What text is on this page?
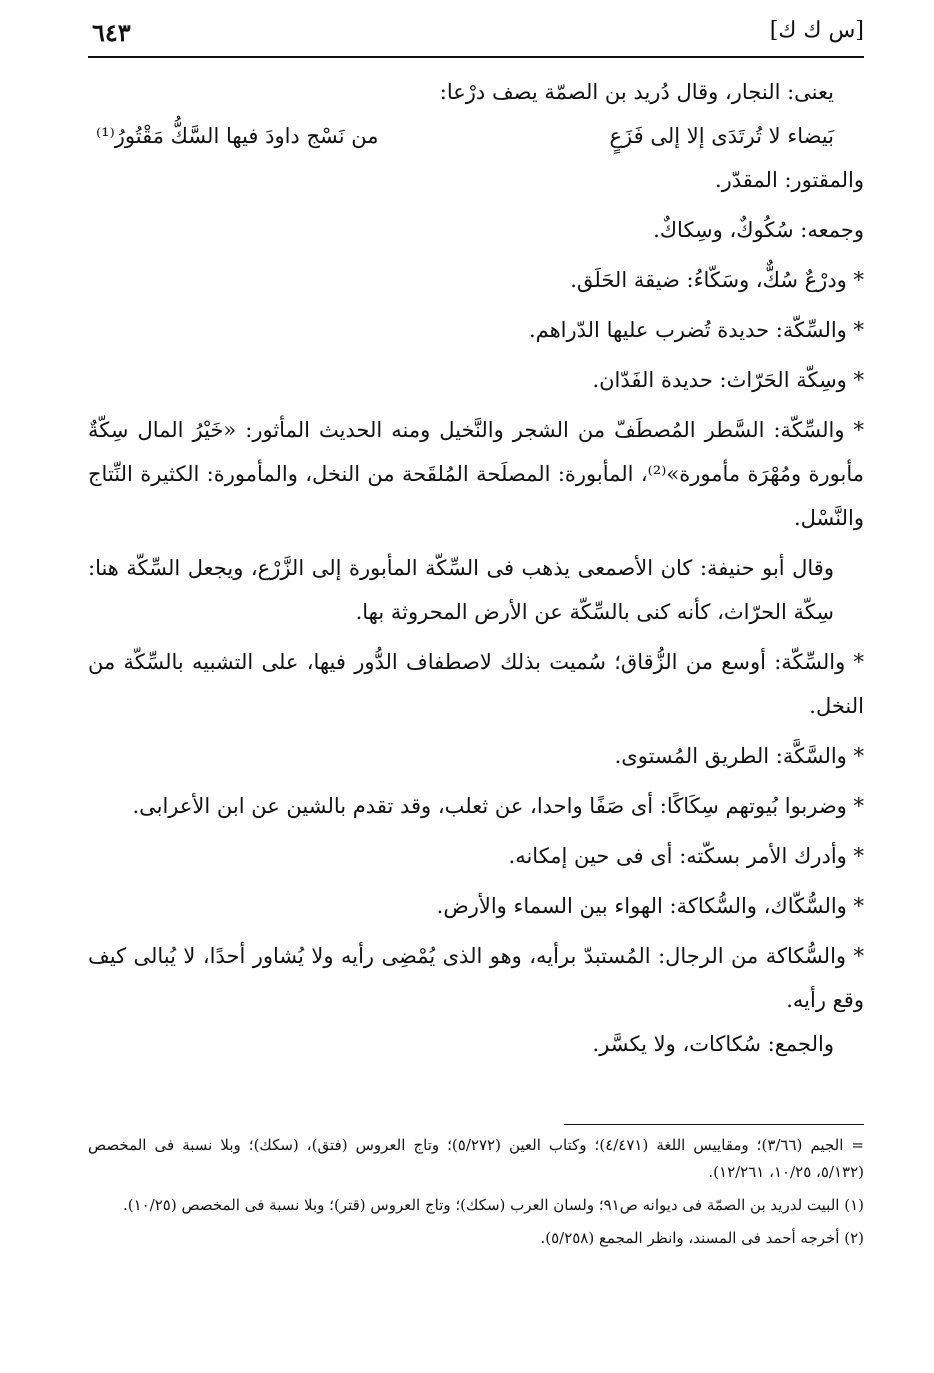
٦٤٣	[س ك ك]

يعنى: النجار، وقال دُريد بن الصمّة يصف درْعا:

بَيضاء لا تُرتَدَى إلا إلى فَزَعٍ
من نَسْج داودَ فيها السَّكُّ مَقْتُورُ⁽¹⁾

والمقتور: المقدّر.

وجمعه: سُكُوكٌ، وسِكاكٌ.

* ودرْعٌ سُكٌّ، وسَكّاءُ: ضيقة الحَلَق.

* والسِّكّة: حديدة تُضرب عليها الدّراهم.

* وسِكّة الحَرّاث: حديدة الفَدّان.

* والسِّكّة: السَّطر المُصطَفّ من الشجر والنَّخيل ومنه الحديث المأثور: «خَيْرُ المال سِكّةٌ مأبورة ومُهْرَة مأمورة»⁽²⁾، المأبورة: المصلَحة المُلقَحة من النخل، والمأمورة: الكثيرة النِّتاج والنَّسْل.

وقال أبو حنيفة: كان الأصمعى يذهب فى السِّكّة المأبورة إلى الزَّرْع، ويجعل السِّكّة هنا: سِكّة الحرّاث، كأنه كنى بالسِّكّة عن الأرض المحروثة بها.

* والسِّكّة: أوسع من الزُّقاق؛ سُميت بذلك لاصطفاف الدُّور فيها، على التشبيه بالسِّكّة من النخل.

* والسَّكَّة: الطريق المُستوى.

* وضربوا بُيوتهم سِكَاكًا: أى صَفًا واحدا، عن ثعلب، وقد تقدم بالشين عن ابن الأعرابى.

* وأدرك الأمر بسكّته: أى فى حين إمكانه.

* والسُّكّاك، والسُّكاكة: الهواء بين السماء والأرض.

* والسُّكاكة من الرجال: المُستبدّ برأيه، وهو الذى يُمْضِى رأيه ولا يُشاور أحدًا، لا يُبالى كيف وقع رأيه.

والجمع: سُكاكات، ولا يكسَّر.

= الجيم (٣/٦٦)؛ ومقاييس اللغة (٤/٤٧١)؛ وكتاب العين (٥/٢٧٢)؛ وتاج العروس (فتق)، (سكك)؛ وبلا نسبة فى المخصص (٥/١٣٢، ١٠/٢٥، ١٢/٢٦١).

(١) البيت لدريد بن الصمّة فى ديوانه ص٩١؛ ولسان العرب (سكك)؛ وتاج العروس (قتر)؛ وبلا نسبة فى المخصص (١٠/٢٥).

(٢) أخرجه أحمد فى المسند، وانظر المجمع (٥/٢٥٨).
